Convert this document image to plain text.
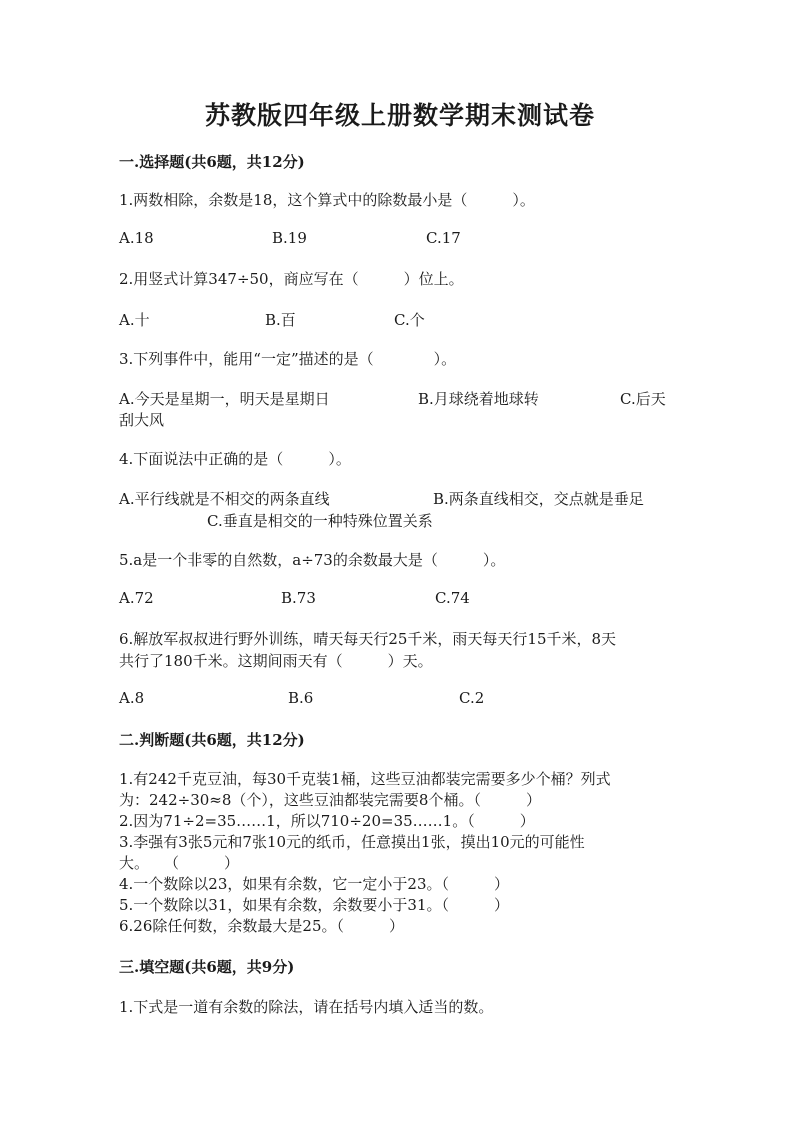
苏教版四年级上册数学期末测试卷
一.选择题(共6题，共12分)
1.两数相除，余数是18，这个算式中的除数最小是（　　　）。
A.18	B.19	C.17
2.用竖式计算347÷50，商应写在（　　　）位上。
A.十	B.百	C.个
3.下列事件中，能用“一定”描述的是（　　　　）。
A.今天是星期一，明天是星期日	B.月球绕着地球转	C.后天
刮大风
4.下面说法中正确的是（　　　）。
A.平行线就是不相交的两条直线	B.两条直线相交，交点就是垂足
C.垂直是相交的一种特殊位置关系
5.a是一个非零的自然数，a÷73的余数最大是（　　　）。
A.72	B.73	C.74
6.解放军叔叔进行野外训练，晴天每天行25千米，雨天每天行15千米，8天
共行了180千米。这期间雨天有（　　　）天。
A.8	B.6	C.2
二.判断题(共6题，共12分)
1.有242千克豆油，每30千克装1桶，这些豆油都装完需要多少个桶？列式
为：242÷30≈8（个），这些豆油都装完需要8个桶。（　　　）
2.因为71÷2=35……1，所以710÷20=35……1。（　　　）
3.李强有3张5元和7张10元的纸币，任意摸出1张，摸出10元的可能性
大。　　（　　　）
4.一个数除以23，如果有余数，它一定小于23。（　　　）
5.一个数除以31，如果有余数，余数要小于31。（　　　）
6.26除任何数，余数最大是25。（　　　）
三.填空题(共6题，共9分)
1.下式是一道有余数的除法，请在括号内填入适当的数。
